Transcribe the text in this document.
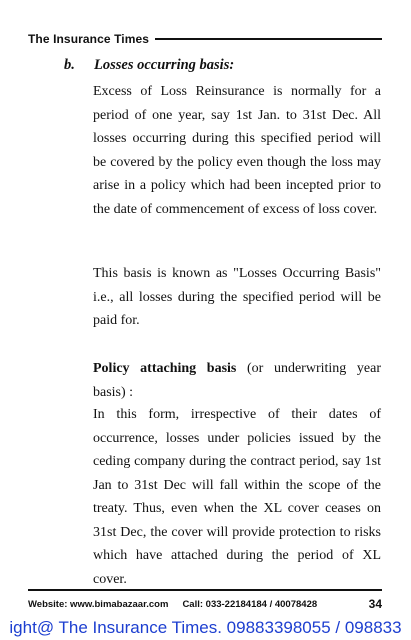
The Insurance Times
b. Losses occurring basis:

Excess of Loss Reinsurance is normally for a period of one year, say 1st Jan. to 31st Dec. All losses occurring during this specified period will be covered by the policy even though the loss may arise in a policy which had been incepted prior to the date of commencement of excess of loss cover.

This basis is known as "Losses Occurring Basis" i.e., all losses during the specified period will be paid for.

Policy attaching basis (or underwriting year basis) :

In this form, irrespective of their dates of occurrence, losses under policies issued by the ceding company during the contract period, say 1st Jan to 31st Dec will fall within the scope of the treaty. Thus, even when the XL cover ceases on 31st Dec, the cover will provide protection to risks which have attached during the period of XL cover.

Website: www.bimabazaar.com Call: 033-22184184 / 40078428	34
ight@ The Insurance Times. 09883398055 / 098833
